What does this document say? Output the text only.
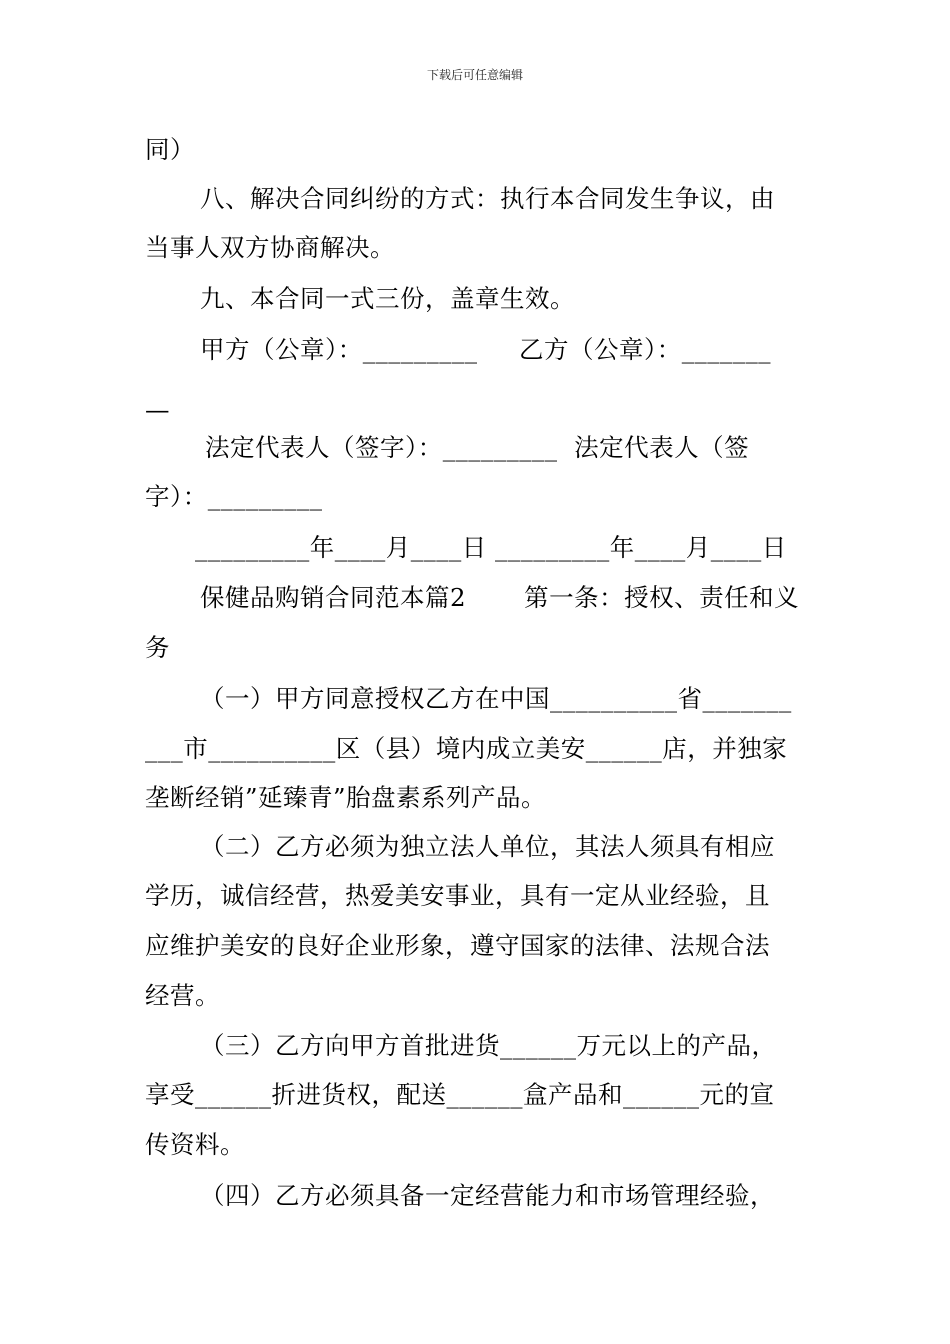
下载后可任意编辑
同）
八、解决合同纠纷的方式：执行本合同发生争议，由
当事人双方协商解决。
九、本合同一式三份，盖章生效。
甲方（公章）：_________     乙方（公章）：_______
—
法定代表人（签字）：_________  法定代表人（签
字）：_________
_________年____月____日 _________年____月____日
保健品购销合同范本篇2       第一条：授权、责任和义
务
（一）甲方同意授权乙方在中国__________省_______
___市__________区（县）境内成立美安______店，并独家
垄断经销”延臻青”胎盘素系列产品。
（二）乙方必须为独立法人单位，其法人须具有相应
学历，诚信经营，热爱美安事业，具有一定从业经验，且
应维护美安的良好企业形象，遵守国家的法律、法规合法
经营。
（三）乙方向甲方首批进货______万元以上的产品，
享受______折进货权，配送______盒产品和______元的宣
传资料。
（四）乙方必须具备一定经营能力和市场管理经验，
